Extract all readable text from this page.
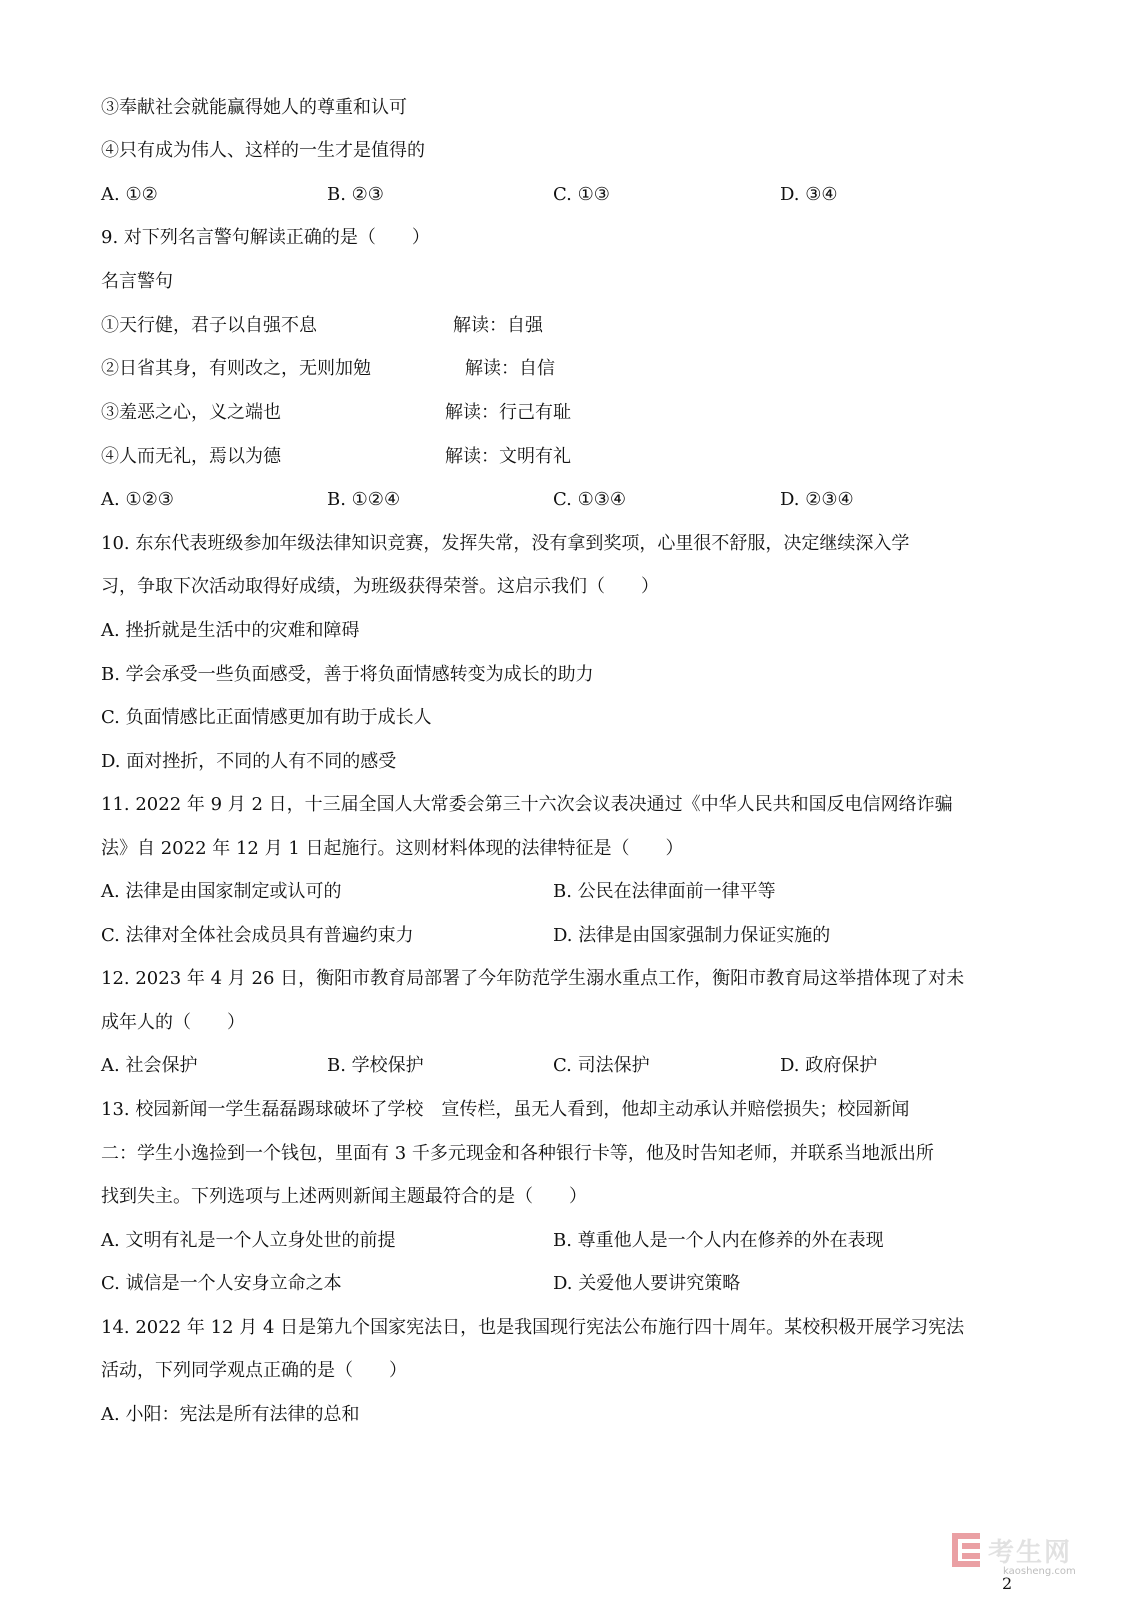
③奉献社会就能赢得她人的尊重和认可
④只有成为伟人、这样的一生才是值得的
A. ①②	B. ②③	C. ①③	D. ③④
9. 对下列名言警句解读正确的是（　　）
名言警句
①天行健，君子以自强不息	解读：自强
②日省其身，有则改之，无则加勉	解读：自信
③羞恶之心，义之端也	解读：行己有耻
④人而无礼，焉以为德	解读：文明有礼
A. ①②③	B. ①②④	C. ①③④	D. ②③④
10. 东东代表班级参加年级法律知识竞赛，发挥失常，没有拿到奖项，心里很不舒服，决定继续深入学
习，争取下次活动取得好成绩，为班级获得荣誉。这启示我们（　　）
A. 挫折就是生活中的灾难和障碍
B. 学会承受一些负面感受，善于将负面情感转变为成长的助力
C. 负面情感比正面情感更加有助于成长人
D. 面对挫折，不同的人有不同的感受
11. 2022 年 9 月 2 日，十三届全国人大常委会第三十六次会议表决通过《中华人民共和国反电信网络诈骗
法》自 2022 年 12 月 1 日起施行。这则材料体现的法律特征是（　　）
A. 法律是由国家制定或认可的	B. 公民在法律面前一律平等
C. 法律对全体社会成员具有普遍约束力	D. 法律是由国家强制力保证实施的
12. 2023 年 4 月 26 日，衡阳市教育局部署了今年防范学生溺水重点工作，衡阳市教育局这举措体现了对未
成年人的（　　）
A. 社会保护	B. 学校保护	C. 司法保护	D. 政府保护
13. 校园新闻一学生磊磊踢球破坏了学校　宣传栏，虽无人看到，他却主动承认并赔偿损失；校园新闻
二：学生小逸捡到一个钱包，里面有 3 千多元现金和各种银行卡等，他及时告知老师，并联系当地派出所
找到失主。下列选项与上述两则新闻主题最符合的是（　　）
A. 文明有礼是一个人立身处世的前提	B. 尊重他人是一个人内在修养的外在表现
C. 诚信是一个人安身立命之本	D. 关爱他人要讲究策略
14. 2022 年 12 月 4 日是第九个国家宪法日，也是我国现行宪法公布施行四十周年。某校积极开展学习宪法
活动，下列同学观点正确的是（　　）
A. 小阳：宪法是所有法律的总和
考生网
kaosheng.com
2
